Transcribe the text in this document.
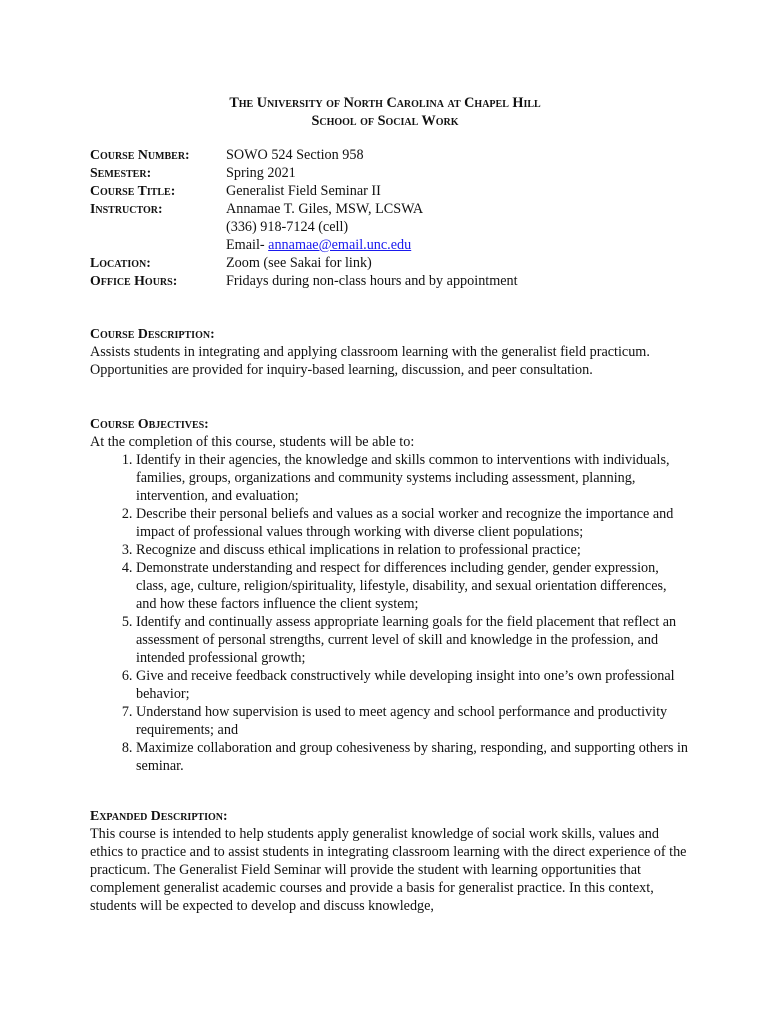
The University of North Carolina at Chapel Hill
School of Social Work
Course Number:	SOWO 524 Section 958
Semester:	Spring 2021
Course Title:	Generalist Field Seminar II
Instructor:	Annamae T. Giles, MSW, LCSWA
(336) 918-7124 (cell)
Email- annamae@email.unc.edu
Location:	Zoom (see Sakai for link)
Office Hours:	Fridays during non-class hours and by appointment
Course Description:

Assists students in integrating and applying classroom learning with the generalist field practicum. Opportunities are provided for inquiry-based learning, discussion, and peer consultation.

Course Objectives:

At the completion of this course, students will be able to:

1. Identify in their agencies, the knowledge and skills common to interventions with individuals, families, groups, organizations and community systems including assessment, planning, intervention, and evaluation;
2. Describe their personal beliefs and values as a social worker and recognize the importance and impact of professional values through working with diverse client populations;
3. Recognize and discuss ethical implications in relation to professional practice;
4. Demonstrate understanding and respect for differences including gender, gender expression, class, age, culture, religion/spirituality, lifestyle, disability, and sexual orientation differences, and how these factors influence the client system;
5. Identify and continually assess appropriate learning goals for the field placement that reflect an assessment of personal strengths, current level of skill and knowledge in the profession, and intended professional growth;
6. Give and receive feedback constructively while developing insight into one’s own professional behavior;
7. Understand how supervision is used to meet agency and school performance and productivity requirements; and
8. Maximize collaboration and group cohesiveness by sharing, responding, and supporting others in seminar.
Expanded Description:

This course is intended to help students apply generalist knowledge of social work skills, values and ethics to practice and to assist students in integrating classroom learning with the direct experience of the practicum. The Generalist Field Seminar will provide the student with learning opportunities that complement generalist academic courses and provide a basis for generalist practice. In this context, students will be expected to develop and discuss knowledge,
